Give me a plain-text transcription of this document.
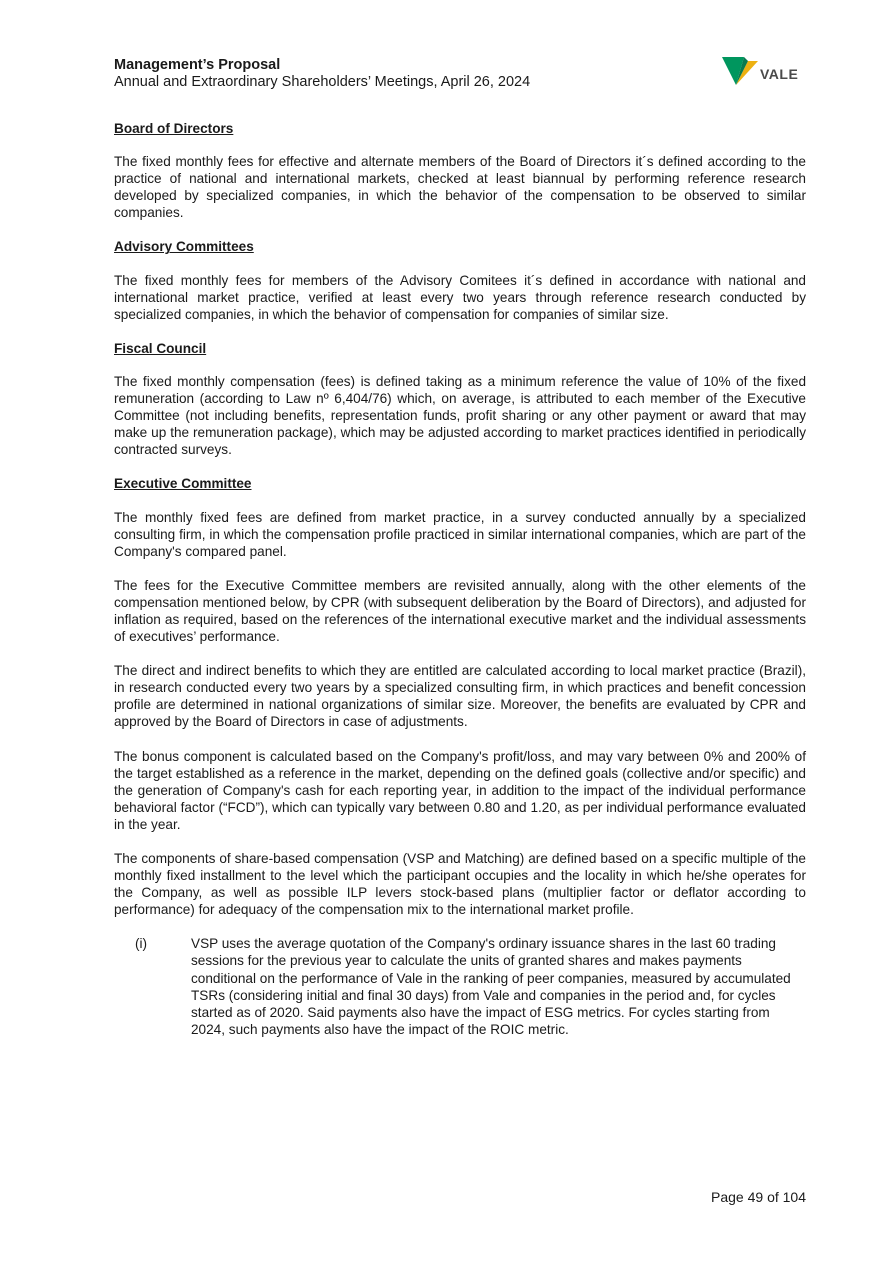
Management’s Proposal
Annual and Extraordinary Shareholders’ Meetings, April 26, 2024	VALE
Board of Directors
The fixed monthly fees for effective and alternate members of the Board of Directors it´s defined according to the practice of national and international markets, checked at least biannual by performing reference research developed by specialized companies, in which the behavior of the compensation to be observed to similar companies.
Advisory Committees
The fixed monthly fees for members of the Advisory Comitees it´s defined in accordance with national and international market practice, verified at least every two years through reference research conducted by specialized companies, in which the behavior of compensation for companies of similar size.
Fiscal Council
The fixed monthly compensation (fees) is defined taking as a minimum reference the value of 10% of the fixed remuneration (according to Law nº 6,404/76) which, on average, is attributed to each member of the Executive Committee (not including benefits, representation funds, profit sharing or any other payment or award that may make up the remuneration package), which may be adjusted according to market practices identified in periodically contracted surveys.
Executive Committee
The monthly fixed fees are defined from market practice, in a survey conducted annually by a specialized consulting firm, in which the compensation profile practiced in similar international companies, which are part of the Company's compared panel.
The fees for the Executive Committee members are revisited annually, along with the other elements of the compensation mentioned below, by CPR (with subsequent deliberation by the Board of Directors), and adjusted for inflation as required, based on the references of the international executive market and the individual assessments of executives’ performance.
The direct and indirect benefits to which they are entitled are calculated according to local market practice (Brazil), in research conducted every two years by a specialized consulting firm, in which practices and benefit concession profile are determined in national organizations of similar size. Moreover, the benefits are evaluated by CPR and approved by the Board of Directors in case of adjustments.
The bonus component is calculated based on the Company's profit/loss, and may vary between 0% and 200% of the target established as a reference in the market, depending on the defined goals (collective and/or specific) and the generation of Company's cash for each reporting year, in addition to the impact of the individual performance behavioral factor (“FCD”), which can typically vary between 0.80 and 1.20, as per individual performance evaluated in the year.
The components of share-based compensation (VSP and Matching) are defined based on a specific multiple of the monthly fixed installment to the level which the participant occupies and the locality in which he/she operates for the Company, as well as possible ILP levers stock-based plans (multiplier factor or deflator according to performance) for adequacy of the compensation mix to the international market profile.
(i)	VSP uses the average quotation of the Company's ordinary issuance shares in the last 60 trading sessions for the previous year to calculate the units of granted shares and makes payments conditional on the performance of Vale in the ranking of peer companies, measured by accumulated TSRs (considering initial and final 30 days) from Vale and companies in the period and, for cycles started as of 2020. Said payments also have the impact of ESG metrics. For cycles starting from 2024, such payments also have the impact of the ROIC metric.
Page 49 of 104
